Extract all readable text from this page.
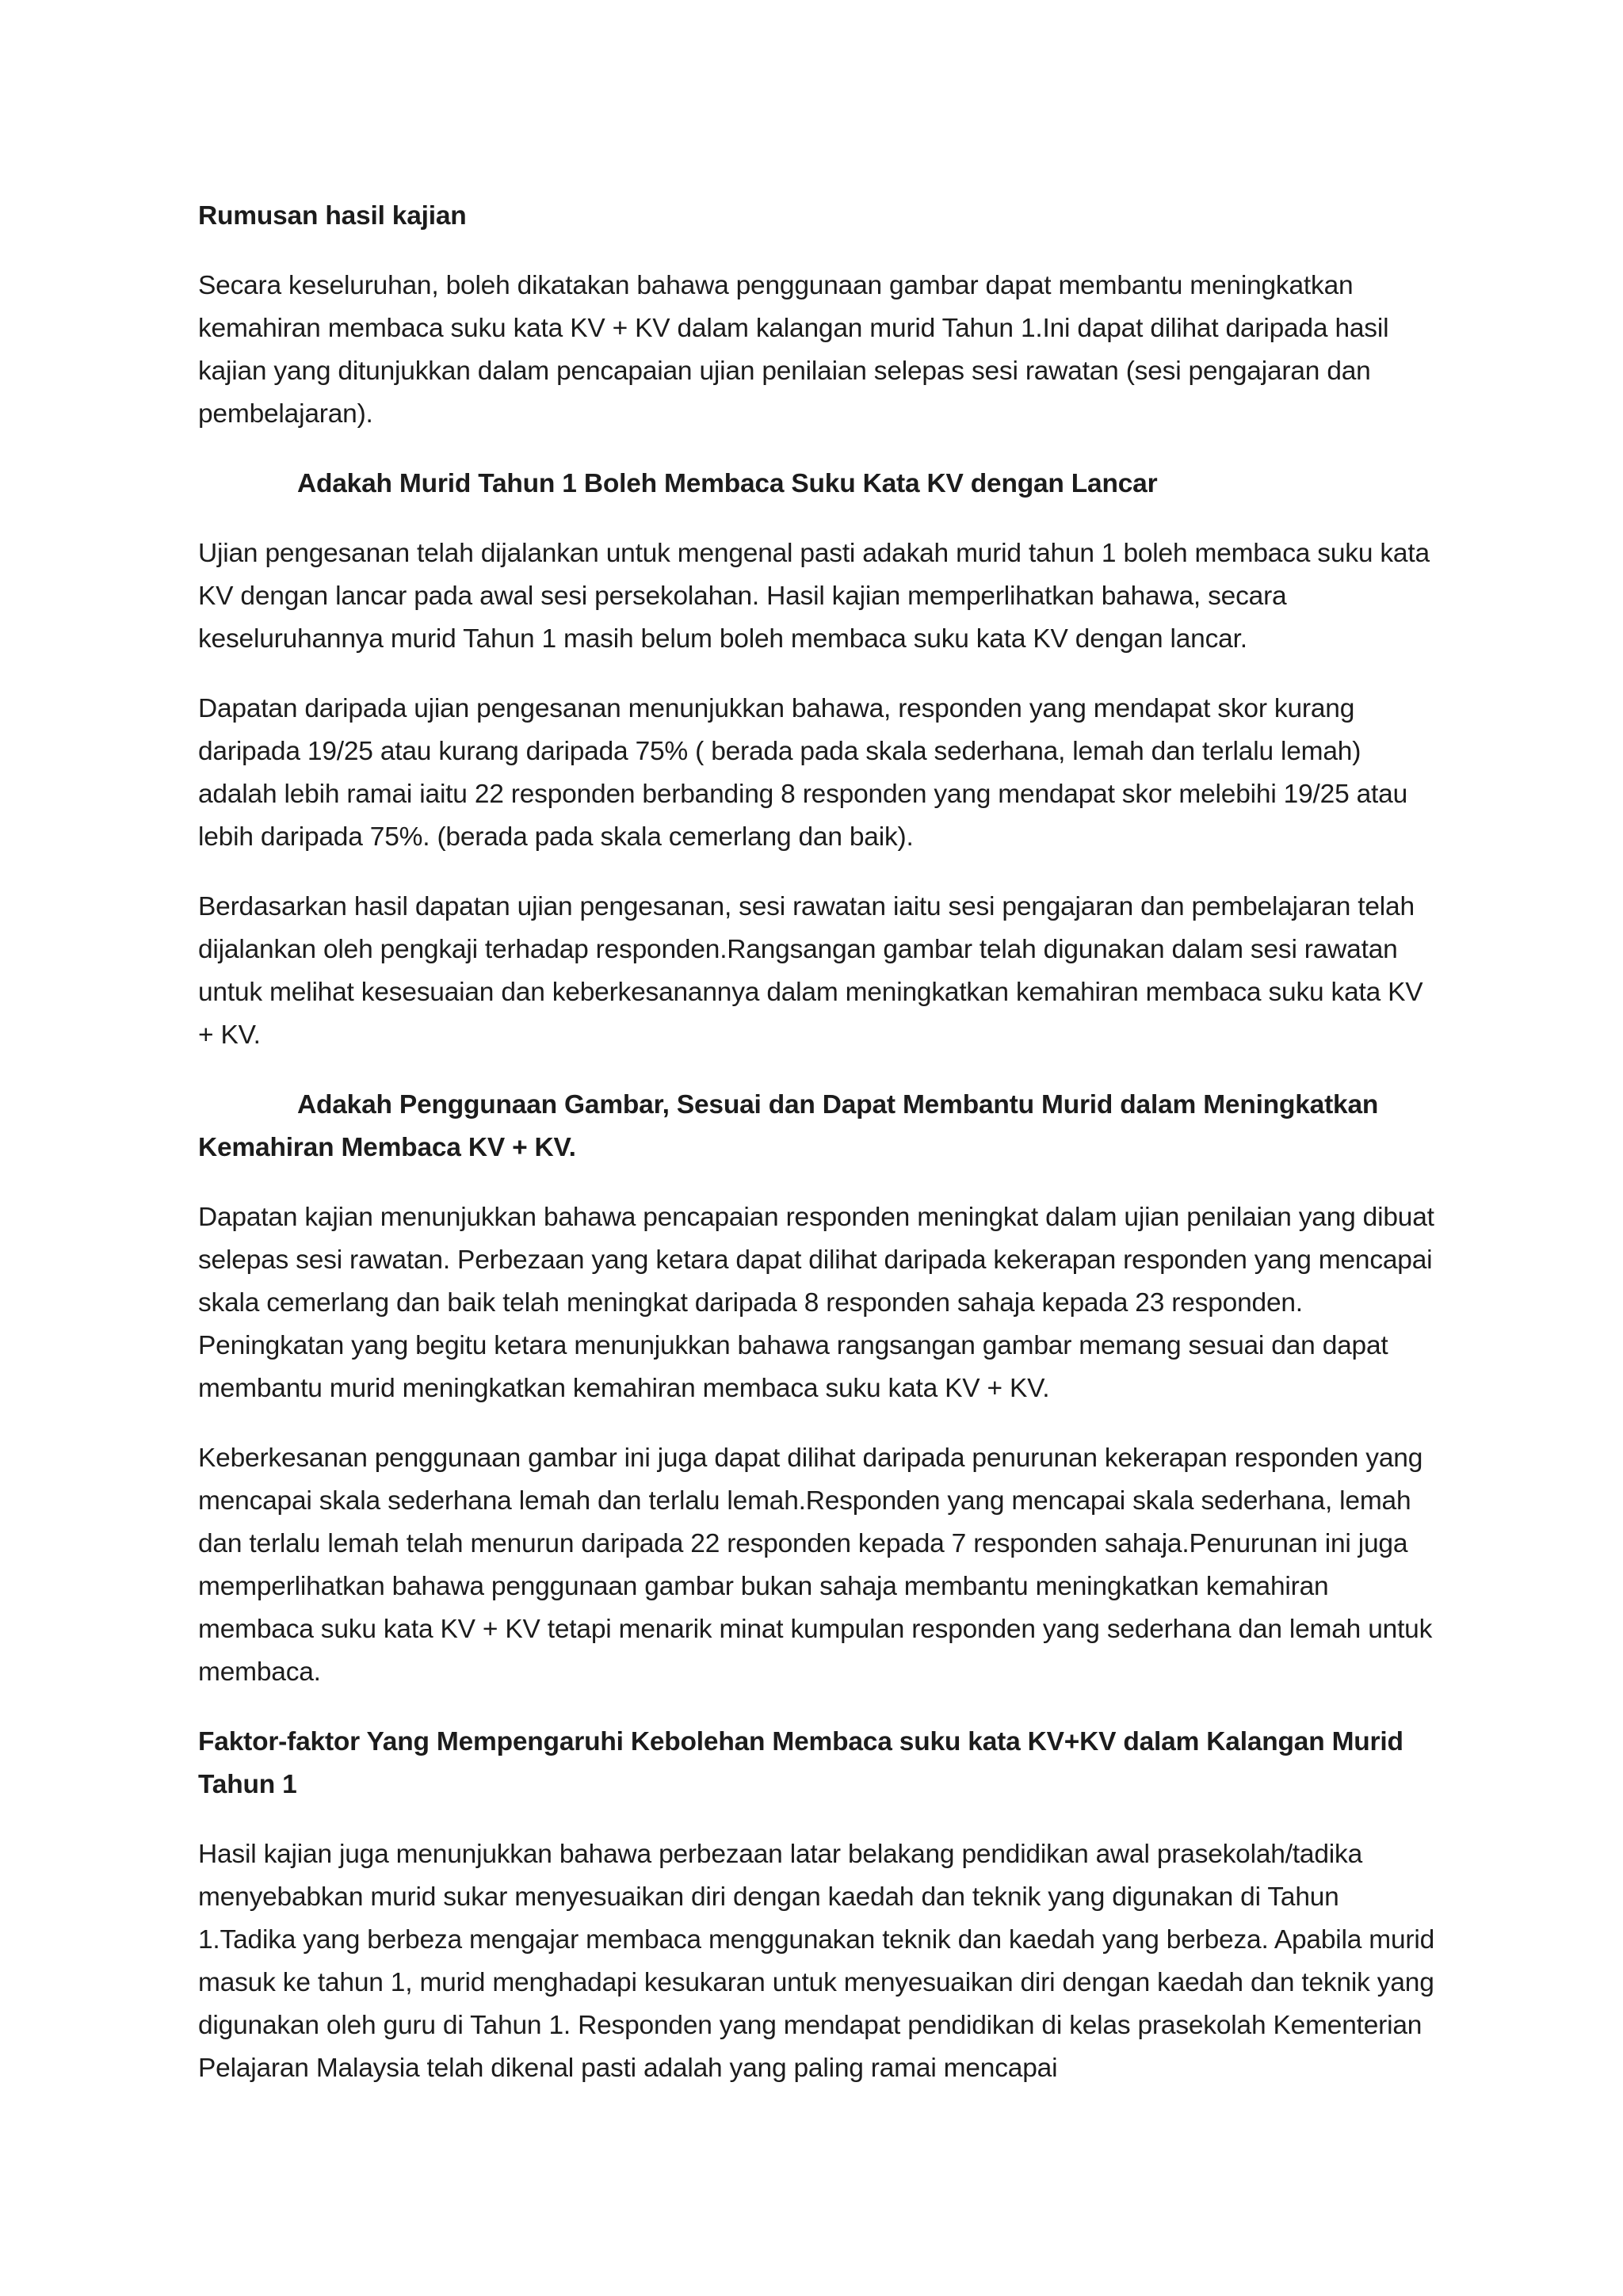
Rumusan hasil kajian

Secara keseluruhan, boleh dikatakan bahawa penggunaan gambar dapat membantu meningkatkan kemahiran membaca suku kata KV + KV dalam kalangan murid Tahun 1.Ini dapat dilihat daripada hasil kajian yang ditunjukkan dalam pencapaian ujian penilaian selepas sesi rawatan (sesi pengajaran dan pembelajaran).

Adakah Murid Tahun 1 Boleh Membaca Suku Kata KV dengan Lancar

Ujian pengesanan telah dijalankan untuk mengenal pasti adakah murid tahun 1 boleh membaca suku kata KV dengan lancar pada awal sesi persekolahan. Hasil kajian memperlihatkan bahawa, secara keseluruhannya murid Tahun 1 masih belum boleh membaca suku kata KV dengan lancar.

Dapatan daripada ujian pengesanan menunjukkan bahawa, responden yang mendapat skor kurang daripada 19/25 atau kurang daripada 75% ( berada pada skala sederhana, lemah dan terlalu lemah) adalah lebih ramai iaitu 22 responden berbanding 8 responden yang mendapat skor melebihi 19/25 atau lebih daripada 75%. (berada pada skala cemerlang dan baik).

Berdasarkan hasil dapatan ujian pengesanan, sesi rawatan iaitu sesi pengajaran dan pembelajaran telah dijalankan oleh pengkaji terhadap responden.Rangsangan gambar telah digunakan dalam sesi rawatan untuk melihat kesesuaian dan keberkesanannya dalam meningkatkan kemahiran membaca suku kata KV + KV.

Adakah Penggunaan Gambar, Sesuai dan Dapat Membantu Murid dalam Meningkatkan Kemahiran Membaca KV + KV.

Dapatan kajian menunjukkan bahawa pencapaian responden meningkat dalam ujian penilaian yang dibuat selepas sesi rawatan. Perbezaan yang ketara dapat dilihat daripada kekerapan responden yang mencapai skala cemerlang dan baik telah meningkat daripada 8 responden sahaja kepada 23 responden. Peningkatan yang begitu ketara menunjukkan bahawa rangsangan gambar memang sesuai dan dapat membantu murid meningkatkan kemahiran membaca suku kata KV + KV.

Keberkesanan penggunaan gambar ini juga dapat dilihat daripada penurunan kekerapan responden yang mencapai skala sederhana lemah dan terlalu lemah.Responden yang mencapai skala sederhana, lemah dan terlalu lemah telah menurun daripada 22 responden kepada 7 responden sahaja.Penurunan ini juga memperlihatkan bahawa penggunaan gambar bukan sahaja membantu meningkatkan kemahiran membaca suku kata KV + KV tetapi menarik minat kumpulan responden yang sederhana dan lemah untuk membaca.

Faktor-faktor Yang Mempengaruhi Kebolehan Membaca suku kata KV+KV dalam Kalangan Murid Tahun 1

Hasil kajian juga menunjukkan bahawa perbezaan latar belakang pendidikan awal prasekolah/tadika menyebabkan murid sukar menyesuaikan diri dengan kaedah dan teknik yang digunakan di Tahun 1.Tadika yang berbeza mengajar membaca menggunakan teknik dan kaedah yang berbeza. Apabila murid masuk ke tahun 1, murid menghadapi kesukaran untuk menyesuaikan diri dengan kaedah dan teknik yang digunakan oleh guru di Tahun 1. Responden yang mendapat pendidikan di kelas prasekolah Kementerian Pelajaran Malaysia telah dikenal pasti adalah yang paling ramai mencapai
